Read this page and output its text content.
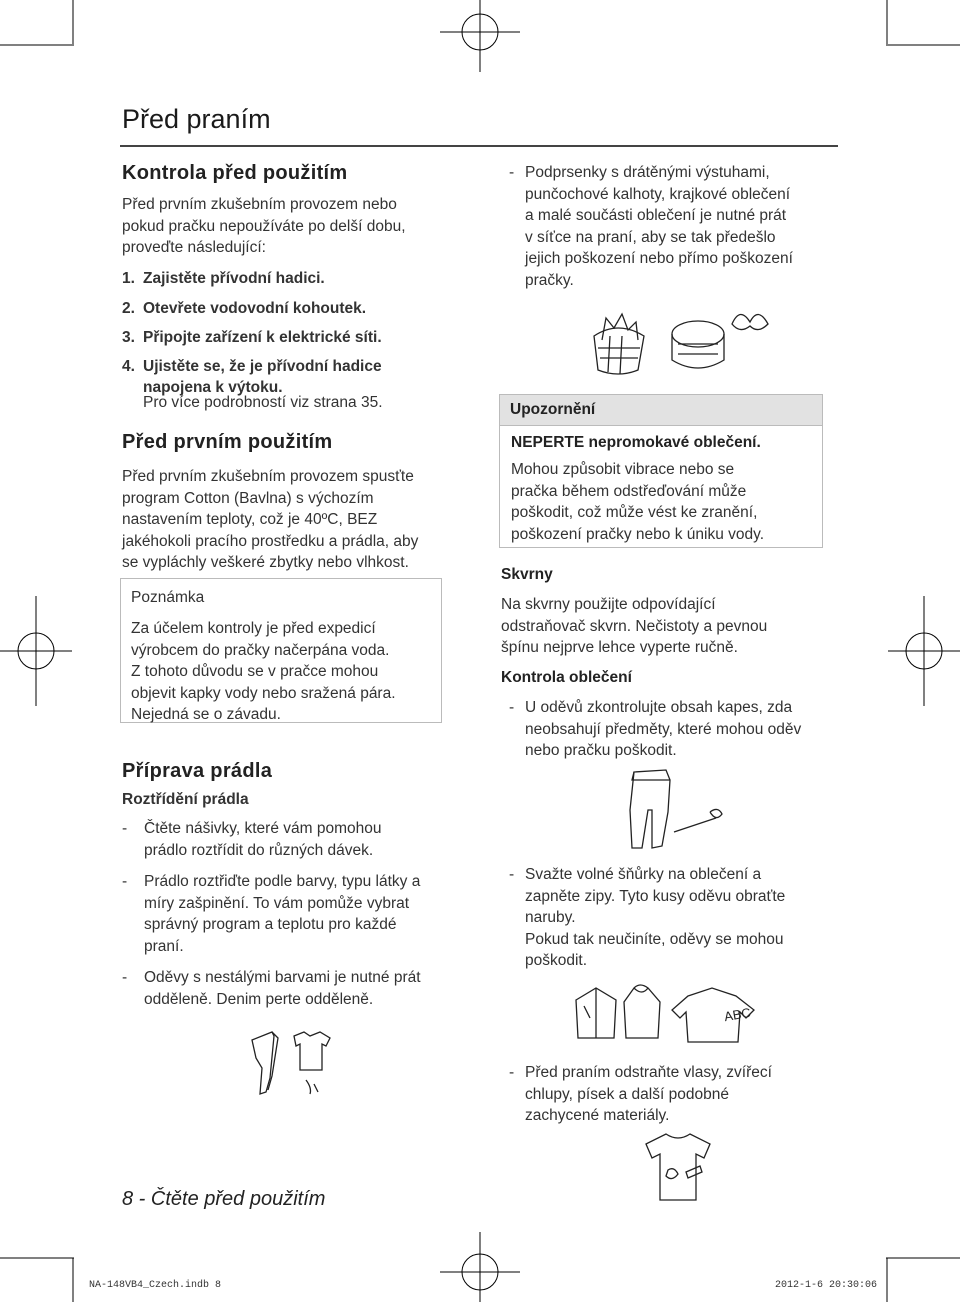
Před praním
Kontrola před použitím
Před prvním zkušebním provozem nebo
pokud pračku nepoužíváte po delší dobu,
proveďte následující:
1. Zajistěte přívodní hadici.
2. Otevřete vodovodní kohoutek.
3. Připojte zařízení k elektrické síti.
4. Ujistěte se, že je přívodní hadice
napojena k výtoku.
Pro více podrobností viz strana 35.
Před prvním použitím
Před prvním zkušebním provozem spusťte
program Cotton (Bavlna) s výchozím
nastavením teploty, což je 40ºC, BEZ
jakéhokoli pracího prostředku a prádla, aby
se vypláchly veškeré zbytky nebo vlhkost.
Poznámka
Za účelem kontroly je před expedicí
výrobcem do pračky načerpána voda.
Z tohoto důvodu se v pračce mohou
objevit kapky vody nebo sražená pára.
Nejedná se o závadu.
Příprava prádla
Roztřídění prádla
-	Čtěte nášivky, které vám pomohou
prádlo roztřídit do různých dávek.
-	Prádlo roztřiďte podle barvy, typu látky a
míry zašpinění. To vám pomůže vybrat
správný program a teplotu pro každé
praní.
-	Oděvy s nestálými barvami je nutné prát
odděleně. Denim perte odděleně.
- Podprsenky s drátěnými výstuhami,
punčochové kalhoty, krajkové oblečení
a malé součásti oblečení je nutné prát
v síťce na praní, aby se tak předešlo
jejich poškození nebo přímo poškození
pračky.
Upozornění
NEPERTE nepromokavé oblečení.
Mohou způsobit vibrace nebo se
pračka během odstřeďování může
poškodit, což může vést ke zranění,
poškození pračky nebo k úniku vody.
Skvrny
Na skvrny použijte odpovídající
odstraňovač skvrn. Nečistoty a pevnou
špínu nejprve lehce vyperte ručně.
Kontrola oblečení
- U oděvů zkontrolujte obsah kapes, zda
neobsahují předměty, které mohou oděv
nebo pračku poškodit.
- Svažte volné šňůrky na oblečení a
zapněte zipy. Tyto kusy oděvu obraťte
naruby.
Pokud tak neučiníte, oděvy se mohou
poškodit.
ABC
- Před praním odstraňte vlasy, zvířecí
chlupy, písek a další podobné
zachycené materiály.
8 - Čtěte před použitím
NA-148VB4_Czech.indb 8	2012-1-6 20:30:06
